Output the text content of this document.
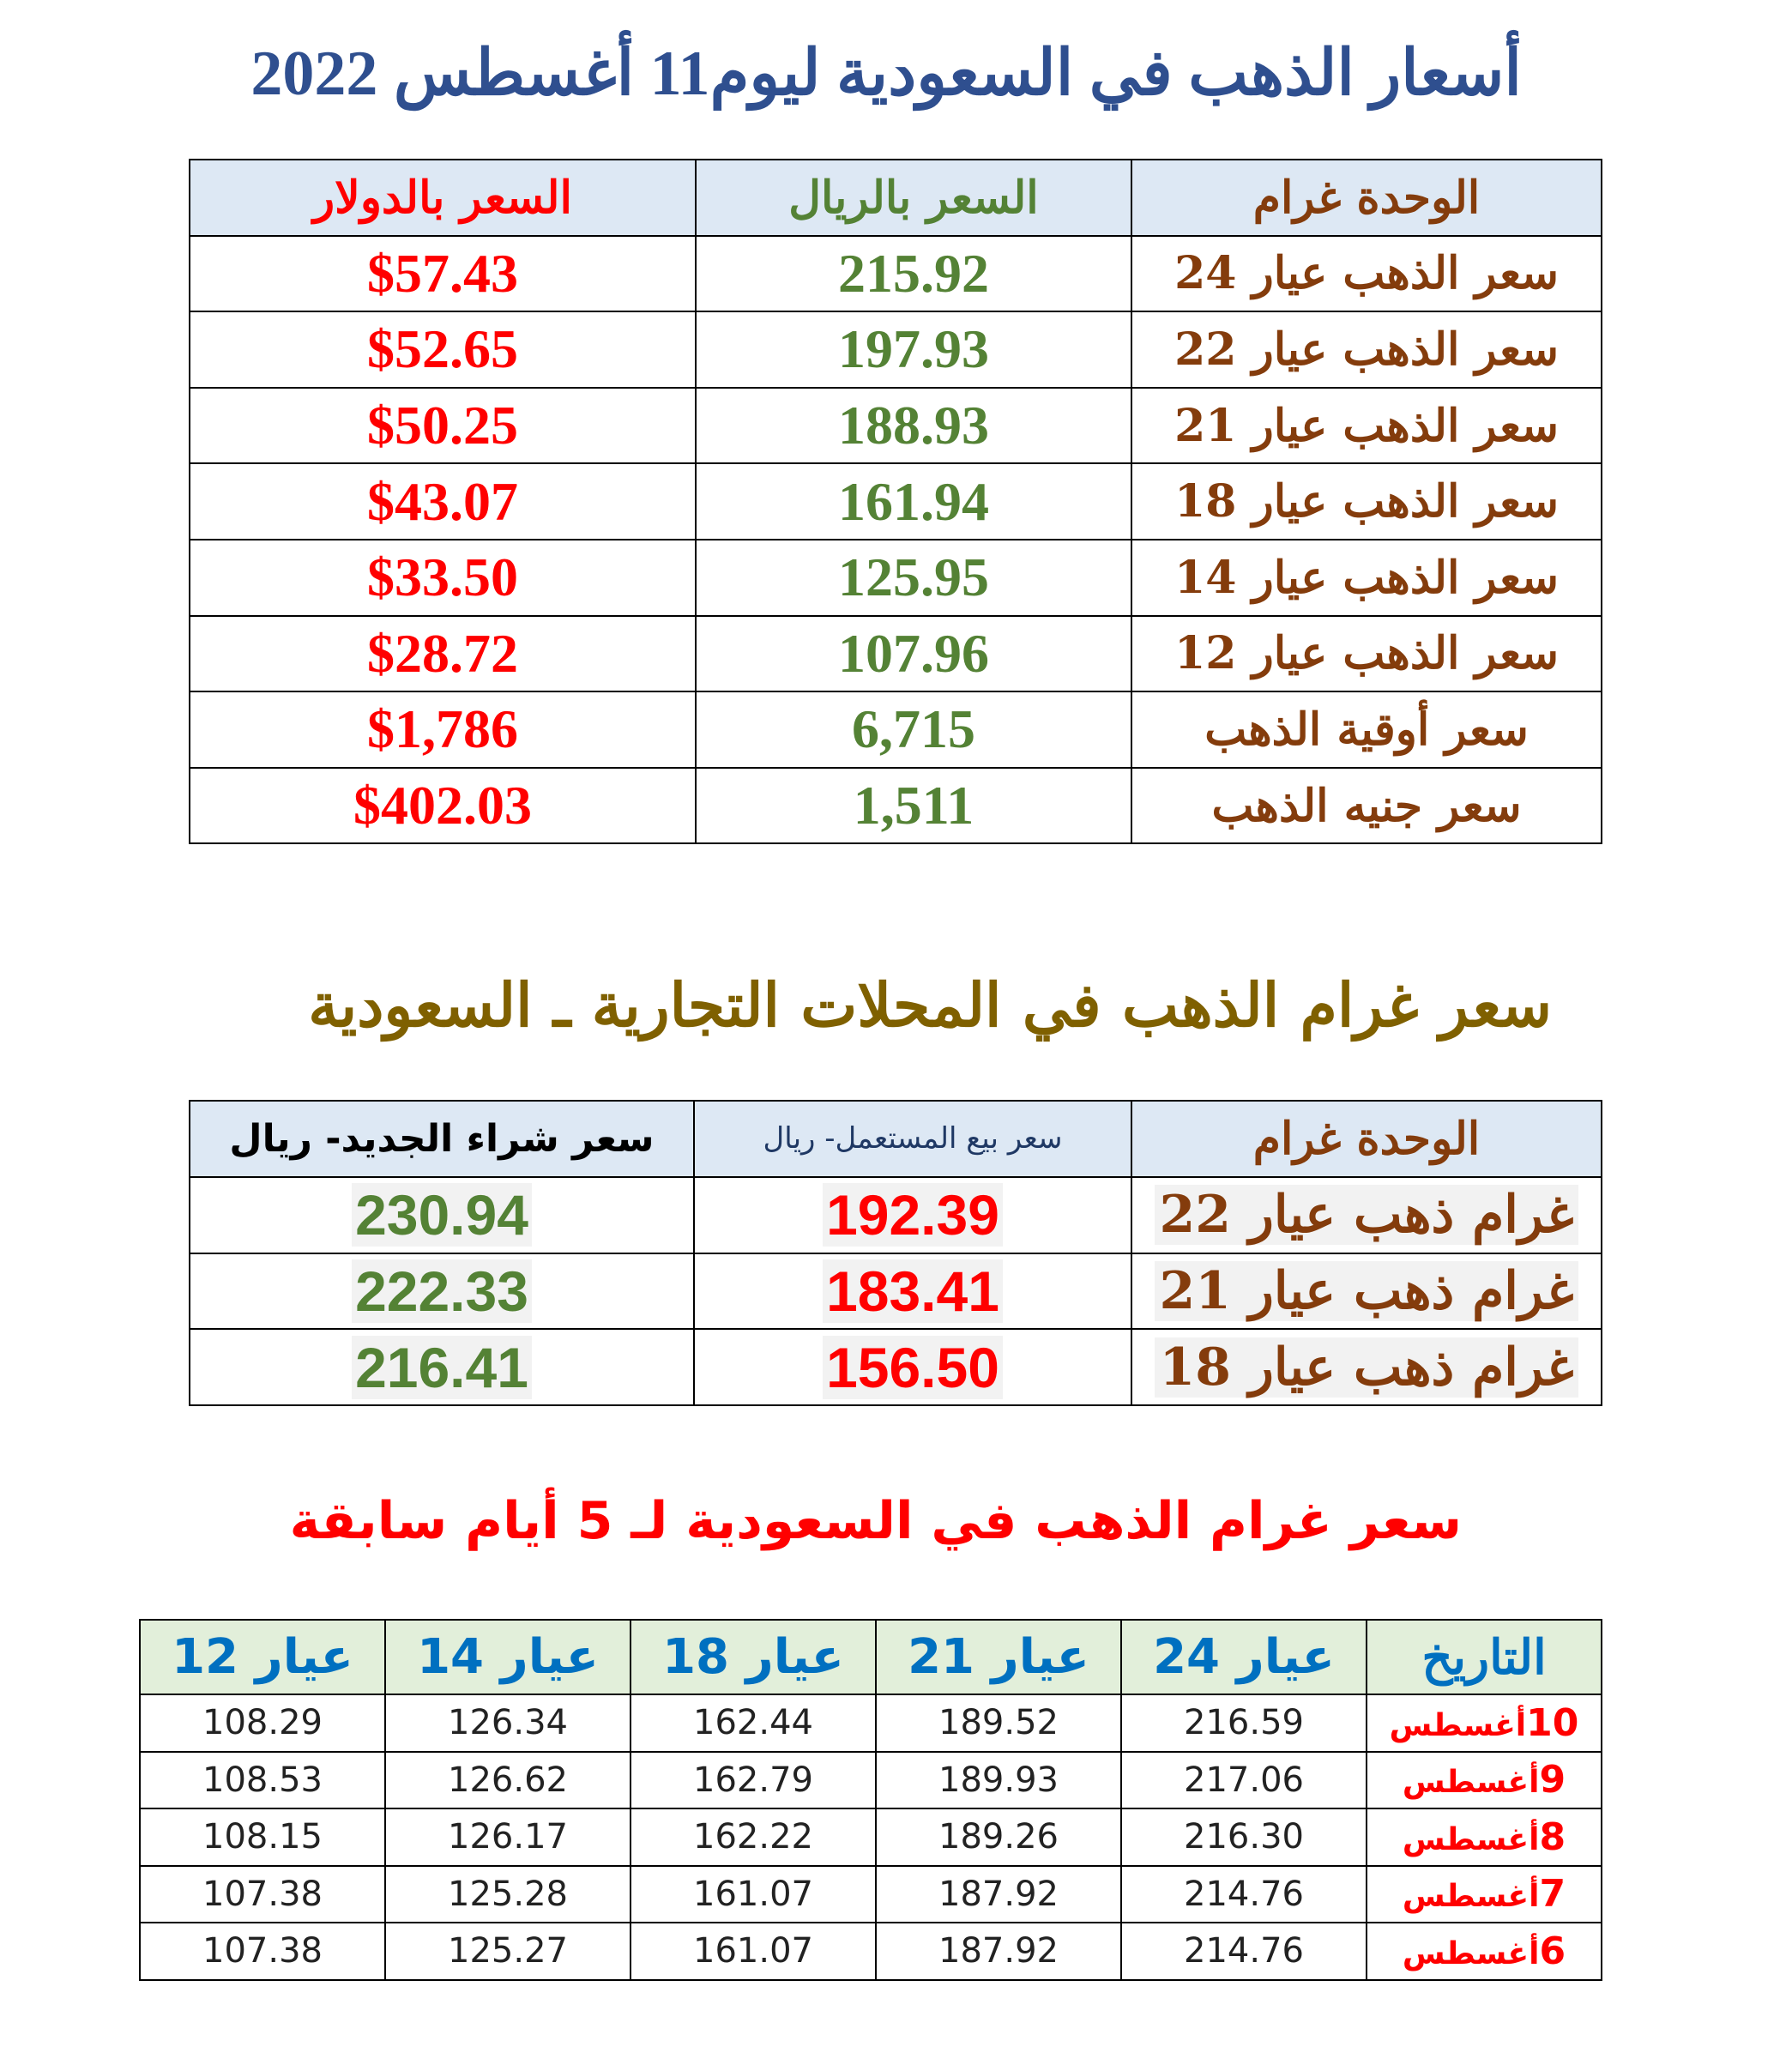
أسعار الذهب في السعودية ليوم11 أغسطس 2022
الوحدة غرام	السعر بالريال	السعر بالدولار
سعر الذهب عيار 24	215.92	$57.43
سعر الذهب عيار 22	197.93	$52.65
سعر الذهب عيار 21	188.93	$50.25
سعر الذهب عيار 18	161.94	$43.07
سعر الذهب عيار 14	125.95	$33.50
سعر الذهب عيار 12	107.96	$28.72
سعر أوقية الذهب	6,715	$1,786
سعر جنيه الذهب	1,511	$402.03
سعر غرام الذهب في المحلات التجارية ـ السعودية
الوحدة غرام	سعر بيع المستعمل- ريال	سعر شراء الجديد- ريال
غرام ذهب عيار 22	192.39	230.94
غرام ذهب عيار 21	183.41	222.33
غرام ذهب عيار 18	156.50	216.41
سعر غرام الذهب في السعودية لـ 5 أيام سابقة
التاريخ	عيار 24	عيار 21	عيار 18	عيار 14	عيار 12
10أغسطس	216.59	189.52	162.44	126.34	108.29
9أغسطس	217.06	189.93	162.79	126.62	108.53
8أغسطس	216.30	189.26	162.22	126.17	108.15
7أغسطس	214.76	187.92	161.07	125.28	107.38
6أغسطس	214.76	187.92	161.07	125.27	107.38
